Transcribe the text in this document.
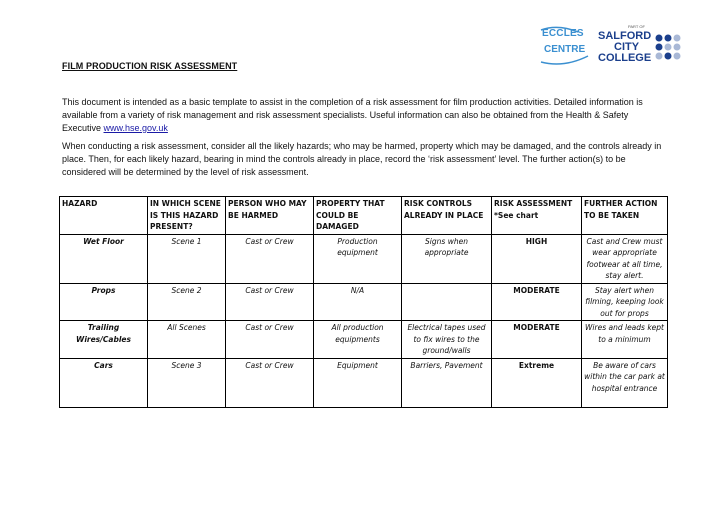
ECCLES
CENTRE
PART OF
SALFORD
CITY
COLLEGE
FILM PRODUCTION RISK ASSESSMENT

This document is intended as a basic template to assist in the completion of a risk assessment for film production activities. Detailed information is available from a variety of risk management and risk assessment specialists. Useful information can also be obtained from the Health & Safety Executive www.hse.gov.uk

When conducting a risk assessment, consider all the likely hazards; who may be harmed, property which may be damaged, and the controls already in place. Then, for each likely hazard, bearing in mind the controls already in place, record the ‘risk assessment’ level. The further action(s) to be considered will be determined by the level of risk assessment.

HAZARD	IN WHICH SCENE IS THIS HAZARD PRESENT?	PERSON WHO MAY BE HARMED	PROPERTY THAT COULD BE DAMAGED	RISK CONTROLS ALREADY IN PLACE	RISK ASSESSMENT *See chart	FURTHER ACTION TO BE TAKEN
Wet Floor	Scene 1	Cast or Crew	Production equipment	Signs when appropriate	HIGH	Cast and Crew must wear appropriate footwear at all time, stay alert.
Props	Scene 2	Cast or Crew	N/A		MODERATE	Stay alert when filming, keeping look out for props
Trailing Wires/Cables	All Scenes	Cast or Crew	All production equipments	Electrical tapes used to fix wires to the ground/walls	MODERATE	Wires and leads kept to a minimum
Cars	Scene 3	Cast or Crew	Equipment	Barriers, Pavement	Extreme	Be aware of cars within the car park at hospital entrance
